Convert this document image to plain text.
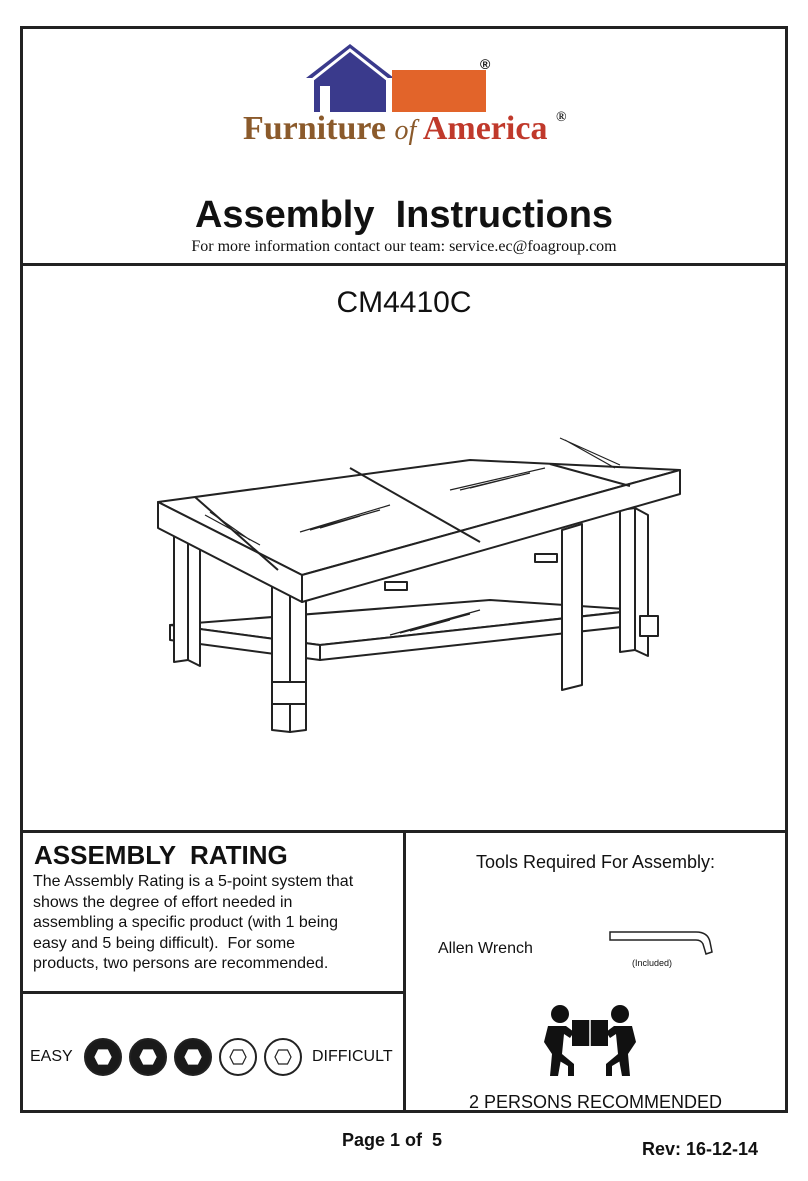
®
Furniture of America ®
Assembly  Instructions
For more information contact our team: service.ec@foagroup.com
CM4410C
ASSEMBLY  RATING
The Assembly Rating is a 5-point system that
shows the degree of effort needed in
assembling a specific product (with 1 being
easy and 5 being difficult).  For some
products, two persons are recommended.
EASY	DIFFICULT
Tools Required For Assembly:
Allen Wrench
(Included)
2 PERSONS RECOMMENDED
Page 1 of  5	Rev: 16-12-14
